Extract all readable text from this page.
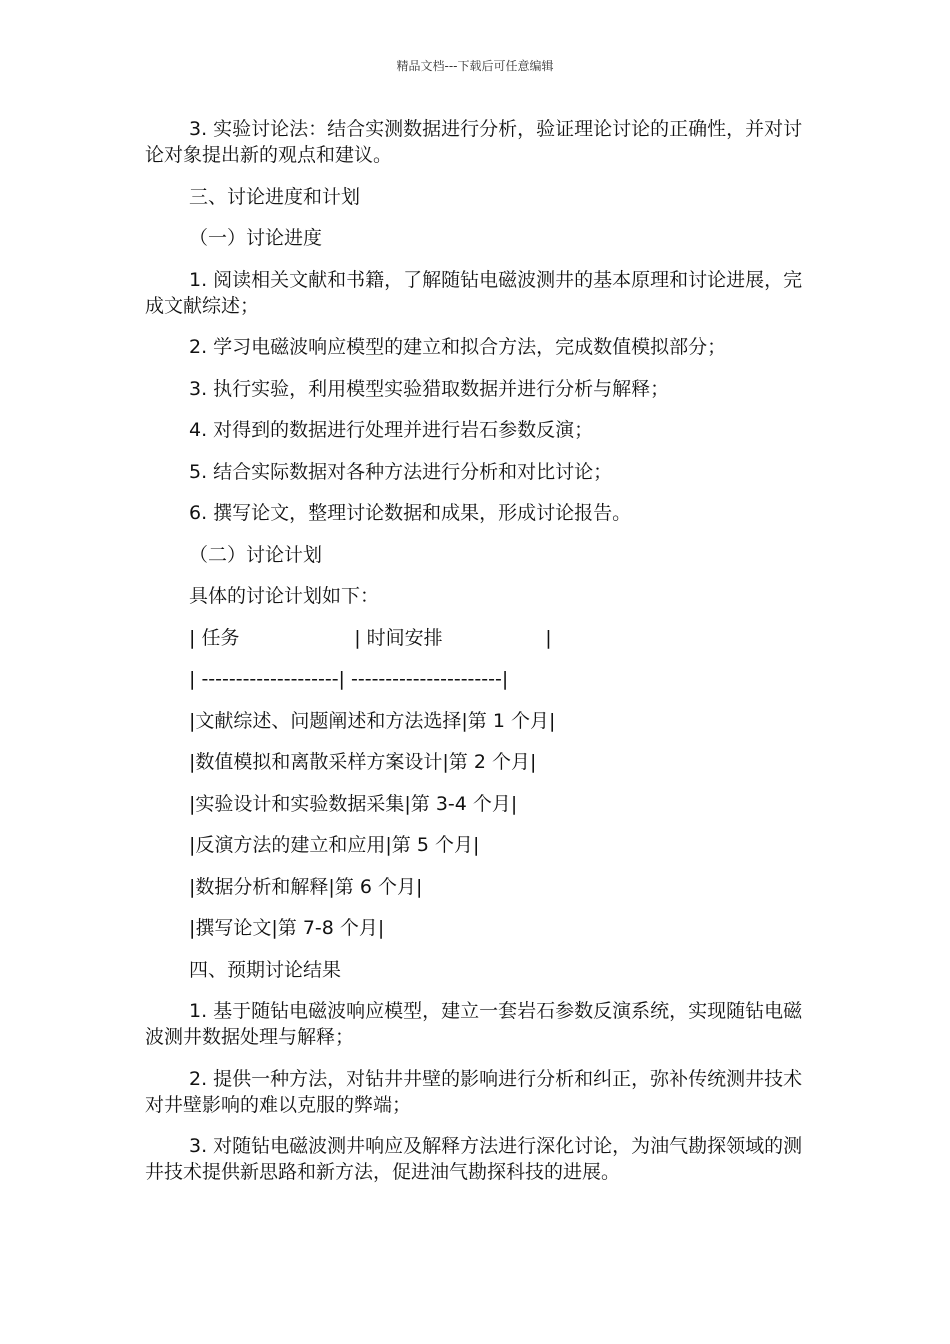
精品文档---下载后可任意编辑

3. 实验讨论法：结合实测数据进行分析，验证理论讨论的正确性，并对讨论对象提出新的观点和建议。

三、讨论进度和计划

（一）讨论进度

1. 阅读相关文献和书籍，了解随钻电磁波测井的基本原理和讨论进展，完成文献综述；

2. 学习电磁波响应模型的建立和拟合方法，完成数值模拟部分；

3. 执行实验，利用模型实验猎取数据并进行分析与解释；

4. 对得到的数据进行处理并进行岩石参数反演；

5. 结合实际数据对各种方法进行分析和对比讨论；

6. 撰写论文，整理讨论数据和成果，形成讨论报告。

（二）讨论计划

具体的讨论计划如下：

| 任务                   | 时间安排                 |

| --------------------| ----------------------|

|文献综述、问题阐述和方法选择|第 1 个月|

|数值模拟和离散采样方案设计|第 2 个月|

|实验设计和实验数据采集|第 3-4 个月|

|反演方法的建立和应用|第 5 个月|

|数据分析和解释|第 6 个月|

|撰写论文|第 7-8 个月|

四、预期讨论结果

1. 基于随钻电磁波响应模型，建立一套岩石参数反演系统，实现随钻电磁波测井数据处理与解释；

2. 提供一种方法，对钻井井壁的影响进行分析和纠正，弥补传统测井技术对井壁影响的难以克服的弊端；

3. 对随钻电磁波测井响应及解释方法进行深化讨论，为油气勘探领域的测井技术提供新思路和新方法，促进油气勘探科技的进展。
